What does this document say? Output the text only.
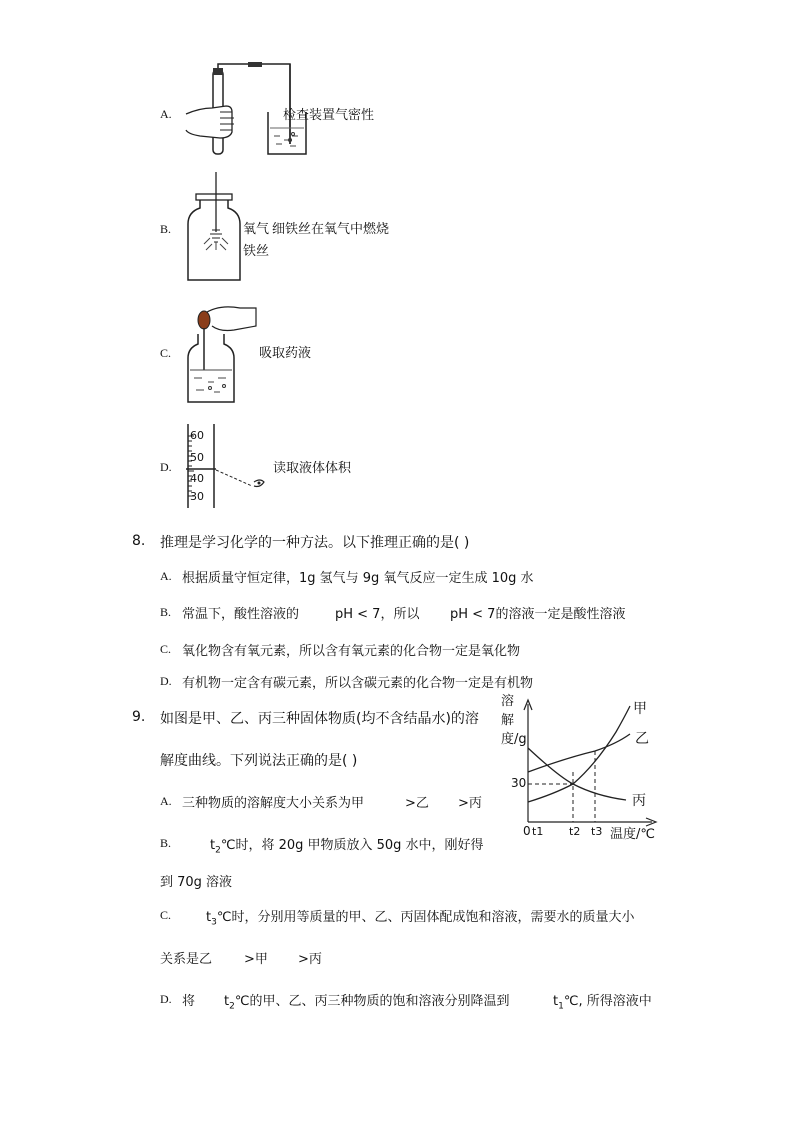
A.	检查装置气密性
B.	氧气 细铁丝在氧气中燃烧
铁丝
C.	吸取药液
D.
60
50
40
30
读取液体体积
8. 推理是学习化学的一种方法。以下推理正确的是( )
A. 根据质量守恒定律，1g 氢气与 9g 氧气反应一定生成 10g 水
B. 常温下，酸性溶液的	pH < 7，所以 pH < 7的溶液一定是酸性溶液
C. 氧化物含有氧元素，所以含有氧元素的化合物一定是氧化物
D. 有机物一定含有碳元素，所以含碳元素的化合物一定是有机物
9. 如图是甲、乙、丙三种固体物质(均不含结晶水)的溶
解度曲线。下列说法正确的是( )
A. 三种物质的溶解度大小关系为甲	>乙 >丙
B.	$t_2℃$时，将 20g 甲物质放入 50g 水中，刚好得
到 70g 溶液
C.	$t_3℃$时，分别用等质量的甲、乙、丙固体配成饱和溶液，需要水的质量大小
关系是乙 >甲 >丙
D. 将 $t_2℃$的甲、乙、丙三种物质的饱和溶液分别降温到	$t_1℃$, 所得溶液中
溶解度/g
30
0 t1 t2 t3 温度/℃
甲
乙
丙
